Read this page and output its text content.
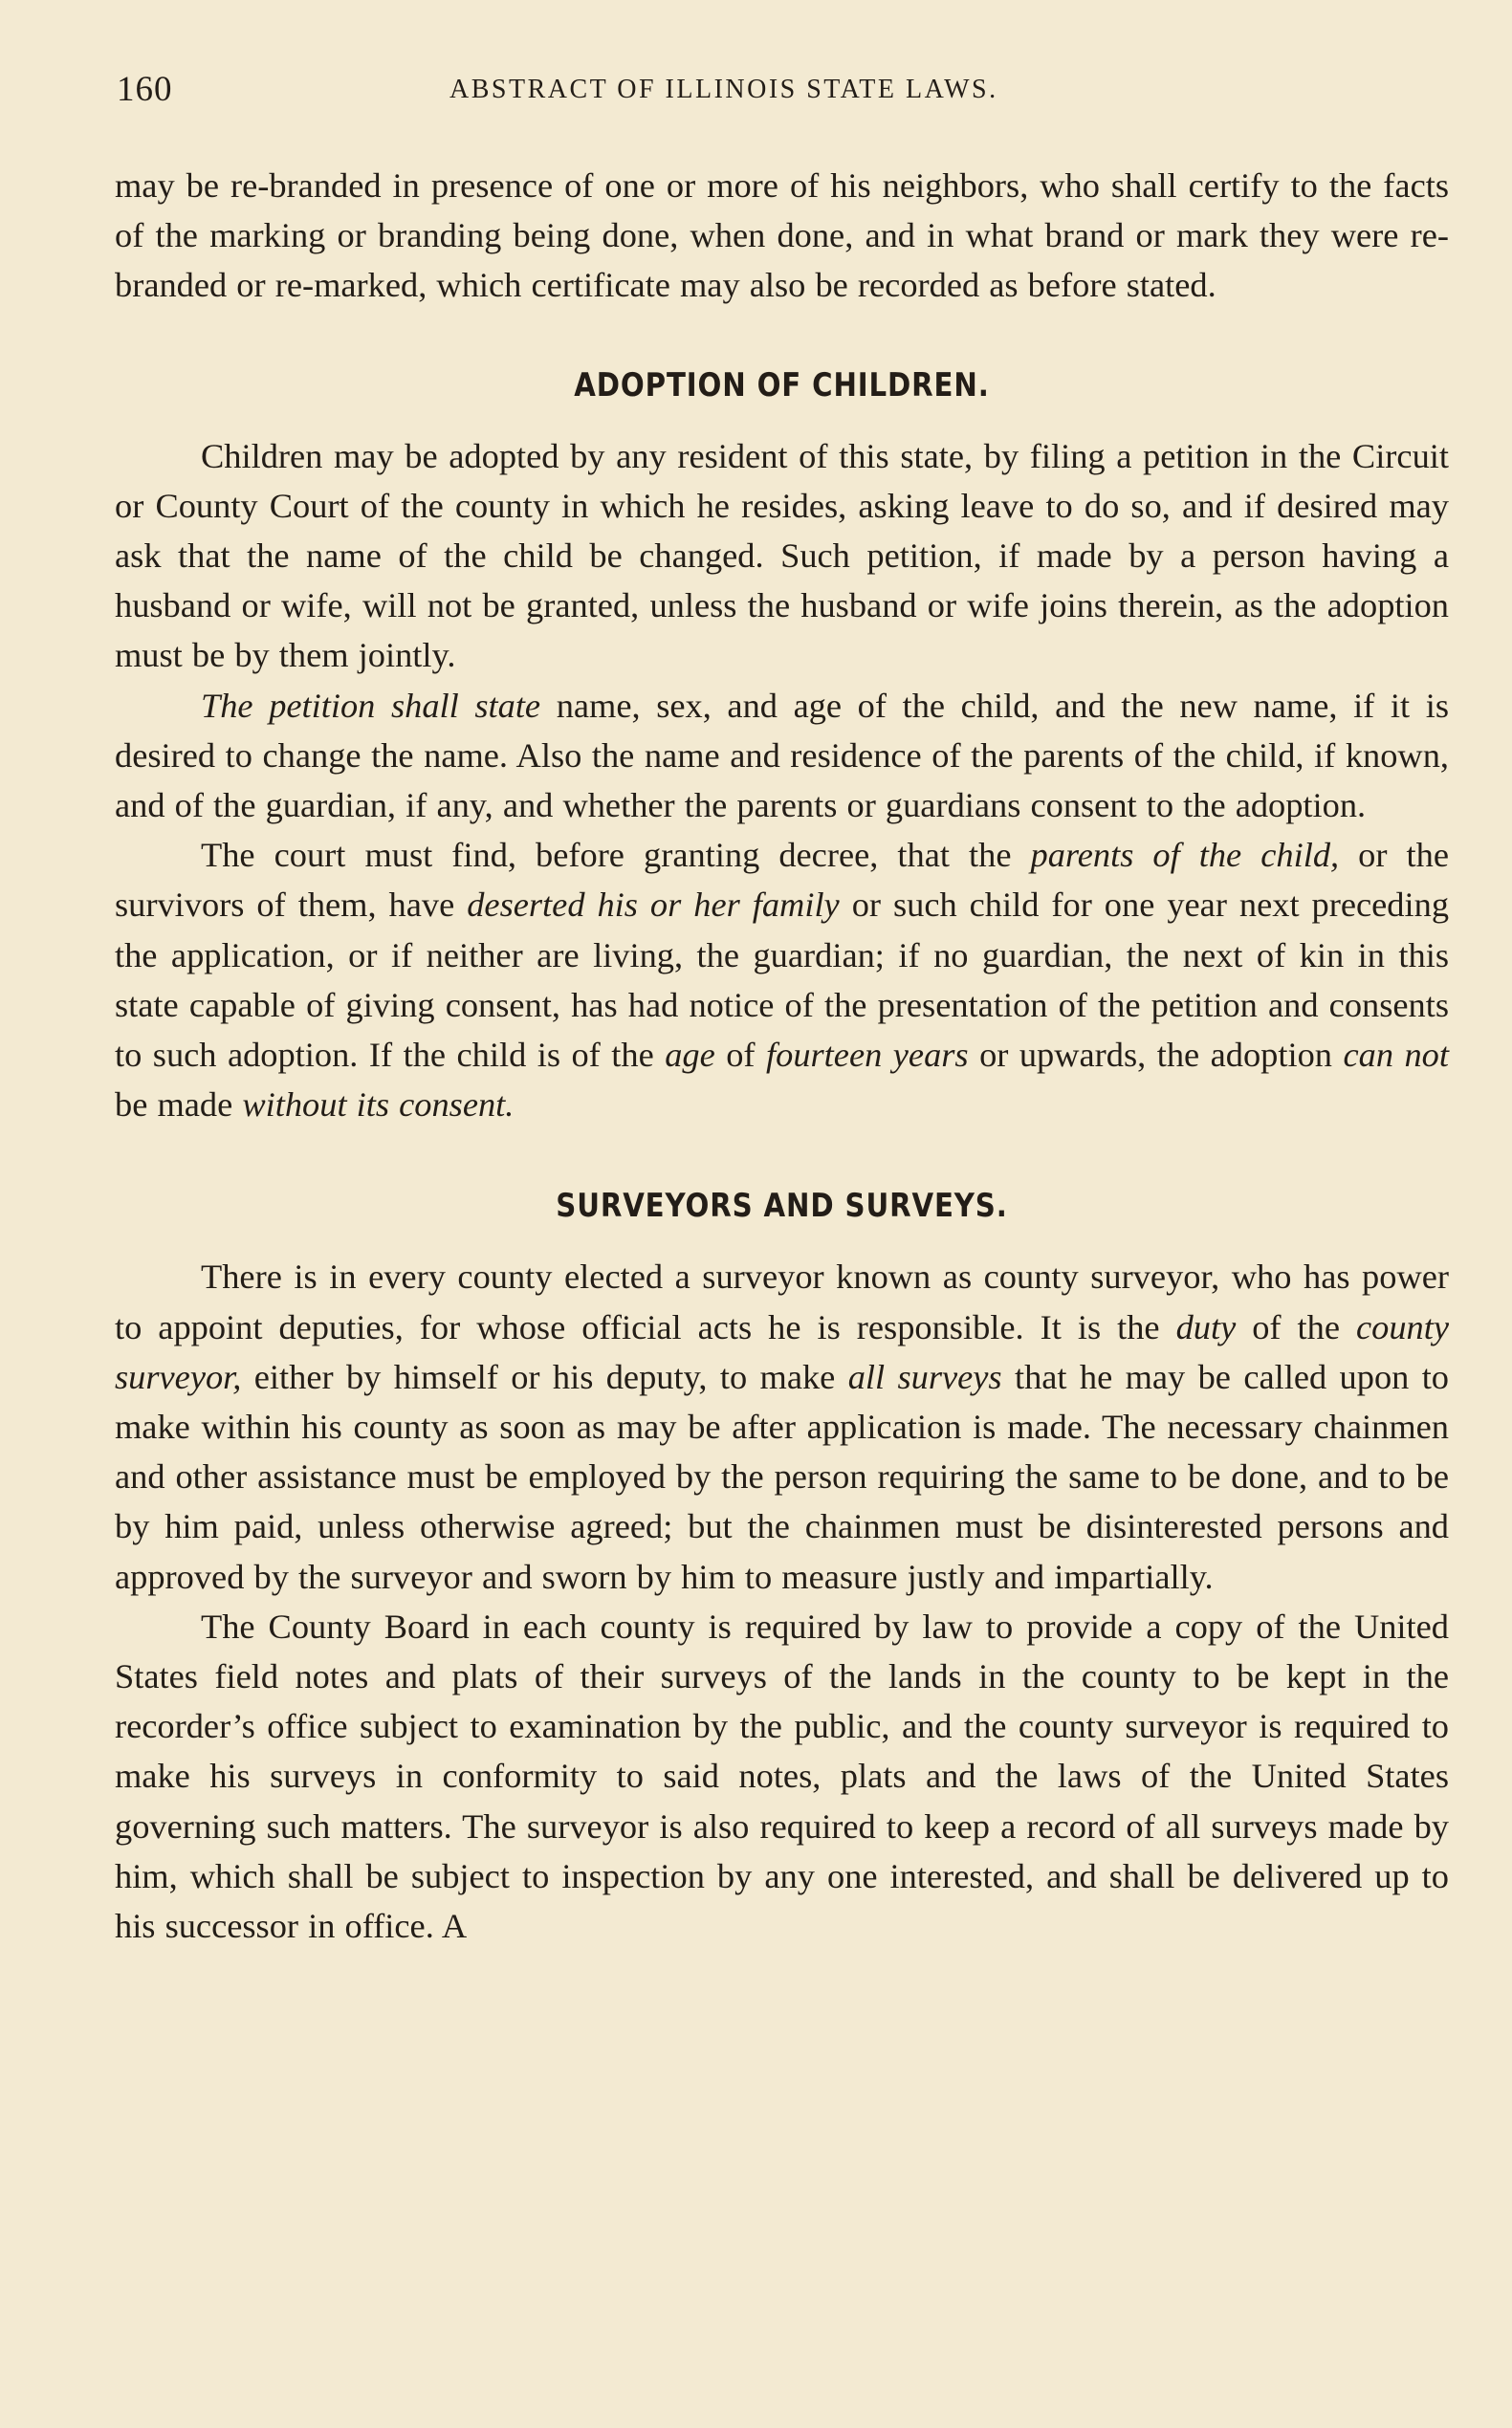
160	ABSTRACT OF ILLINOIS STATE LAWS.

may be re-branded in presence of one or more of his neighbors, who shall certify to the facts of the marking or branding being done, when done, and in what brand or mark they were re-branded or re-marked, which certificate may also be recorded as before stated.

ADOPTION OF CHILDREN.

Children may be adopted by any resident of this state, by filing a petition in the Circuit or County Court of the county in which he resides, asking leave to do so, and if desired may ask that the name of the child be changed. Such petition, if made by a person having a husband or wife, will not be granted, unless the husband or wife joins therein, as the adoption must be by them jointly.

The petition shall state name, sex, and age of the child, and the new name, if it is desired to change the name. Also the name and residence of the parents of the child, if known, and of the guardian, if any, and whether the parents or guardians consent to the adoption.

The court must find, before granting decree, that the parents of the child, or the survivors of them, have deserted his or her family or such child for one year next preceding the application, or if neither are living, the guardian; if no guardian, the next of kin in this state capable of giving consent, has had notice of the presentation of the petition and consents to such adoption. If the child is of the age of fourteen years or upwards, the adoption can not be made without its consent.

SURVEYORS AND SURVEYS.

There is in every county elected a surveyor known as county surveyor, who has power to appoint deputies, for whose official acts he is responsible. It is the duty of the county surveyor, either by himself or his deputy, to make all surveys that he may be called upon to make within his county as soon as may be after application is made. The necessary chainmen and other assistance must be employed by the person requiring the same to be done, and to be by him paid, unless otherwise agreed; but the chainmen must be disinterested persons and approved by the surveyor and sworn by him to measure justly and impartially.

The County Board in each county is required by law to provide a copy of the United States field notes and plats of their surveys of the lands in the county to be kept in the recorder’s office subject to examination by the public, and the county surveyor is required to make his surveys in conformity to said notes, plats and the laws of the United States governing such matters. The surveyor is also required to keep a record of all surveys made by him, which shall be subject to inspection by any one interested, and shall be delivered up to his successor in office. A
